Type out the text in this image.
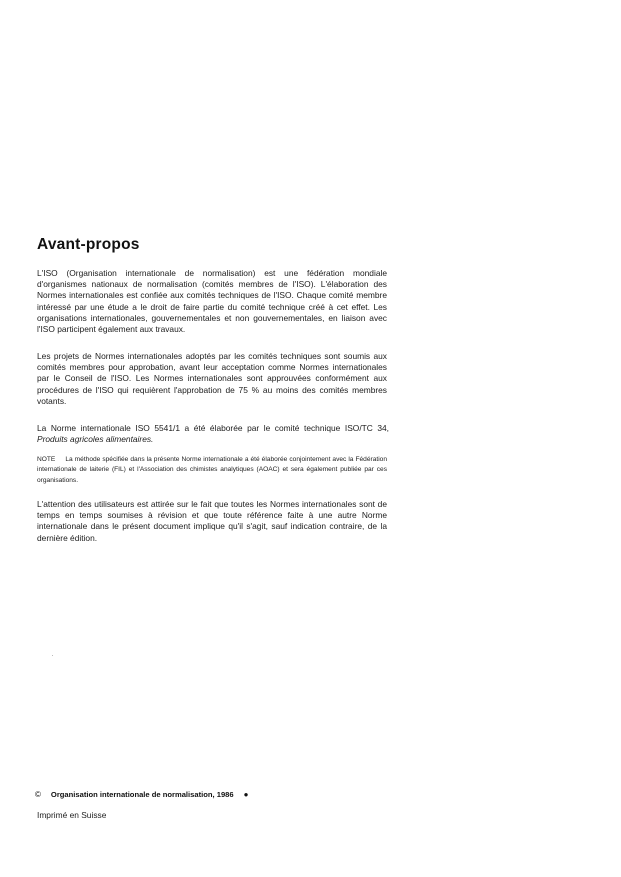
Avant-propos

L'ISO (Organisation internationale de normalisation) est une fédération mondiale d'organismes nationaux de normalisation (comités membres de l'ISO). L'élaboration des Normes internationales est confiée aux comités techniques de l'ISO. Chaque comité membre intéressé par une étude a le droit de faire partie du comité technique créé à cet effet. Les organisations internationales, gouvernementales et non gouvernementales, en liaison avec l'ISO participent également aux travaux.

Les projets de Normes internationales adoptés par les comités techniques sont soumis aux comités membres pour approbation, avant leur acceptation comme Normes internationales par le Conseil de l'ISO. Les Normes internationales sont approuvées conformément aux procédures de l'ISO qui requièrent l'approbation de 75 % au moins des comités membres votants.

La Norme internationale ISO 5541/1 a été élaborée par le comité technique ISO/TC 34, Produits agricoles alimentaires.

NOTE La méthode spécifiée dans la présente Norme internationale a été élaborée conjointement avec la Fédération internationale de laiterie (FIL) et l'Association des chimistes analytiques (AOAC) et sera également publiée par ces organisations.

L'attention des utilisateurs est attirée sur le fait que toutes les Normes internationales sont de temps en temps soumises à révision et que toute référence faite à une autre Norme internationale dans le présent document implique qu'il s'agit, sauf indication contraire, de la dernière édition.

© Organisation internationale de normalisation, 1986 ●
Imprimé en Suisse
